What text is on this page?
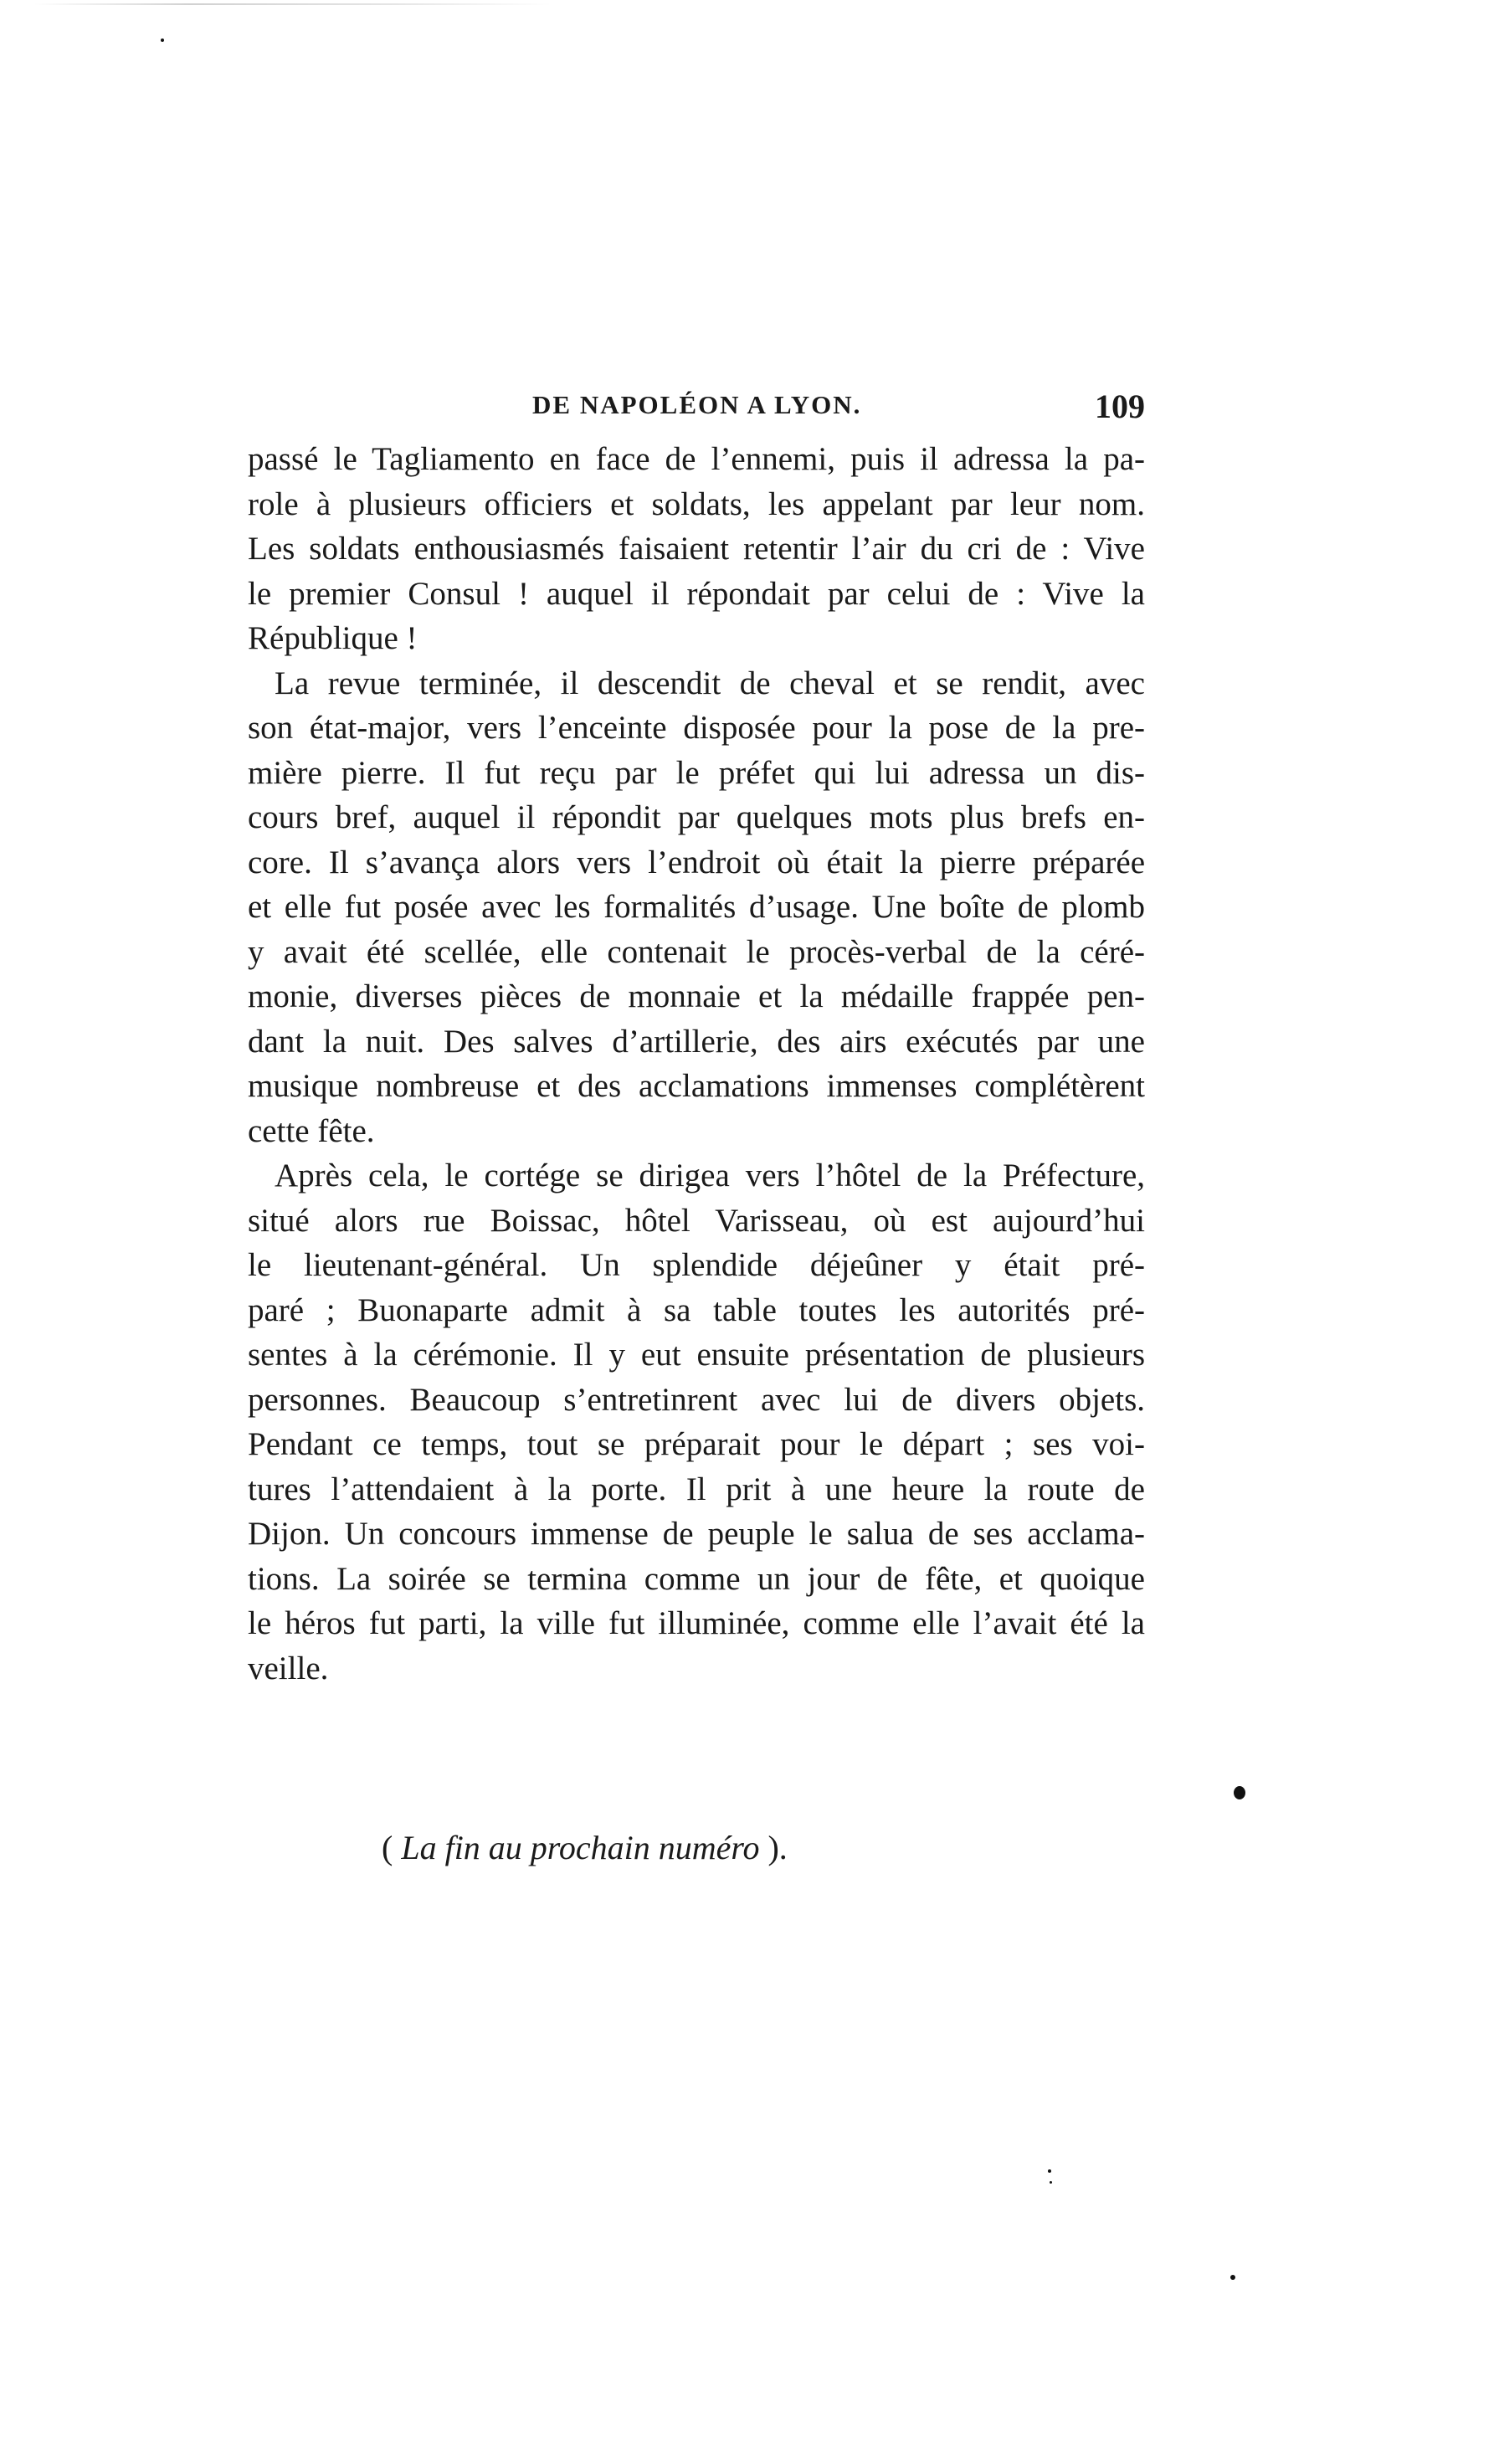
DE NAPOLÉON A LYON.	109
passé le Tagliamento en face de l’ennemi, puis il adressa la pa-
role à plusieurs officiers et soldats, les appelant par leur nom.
Les soldats enthousiasmés faisaient retentir l’air du cri de : Vive
le premier Consul ! auquel il répondait par celui de : Vive la
République !
La revue terminée, il descendit de cheval et se rendit, avec
son état-major, vers l’enceinte disposée pour la pose de la pre-
mière pierre. Il fut reçu par le préfet qui lui adressa un dis-
cours bref, auquel il répondit par quelques mots plus brefs en-
core. Il s’avança alors vers l’endroit où était la pierre préparée
et elle fut posée avec les formalités d’usage. Une boîte de plomb
y avait été scellée, elle contenait le procès-verbal de la céré-
monie, diverses pièces de monnaie et la médaille frappée pen-
dant la nuit. Des salves d’artillerie, des airs exécutés par une
musique nombreuse et des acclamations immenses complétèrent
cette fête.
Après cela, le cortége se dirigea vers l’hôtel de la Préfecture,
situé alors rue Boissac, hôtel Varisseau, où est aujourd’hui
le lieutenant-général. Un splendide déjeûner y était pré-
paré ; Buonaparte admit à sa table toutes les autorités pré-
sentes à la cérémonie. Il y eut ensuite présentation de plusieurs
personnes. Beaucoup s’entretinrent avec lui de divers objets.
Pendant ce temps, tout se préparait pour le départ ; ses voi-
tures l’attendaient à la porte. Il prit à une heure la route de
Dijon. Un concours immense de peuple le salua de ses acclama-
tions. La soirée se termina comme un jour de fête, et quoique
le héros fut parti, la ville fut illuminée, comme elle l’avait été la
veille.
( La fin au prochain numéro ).
